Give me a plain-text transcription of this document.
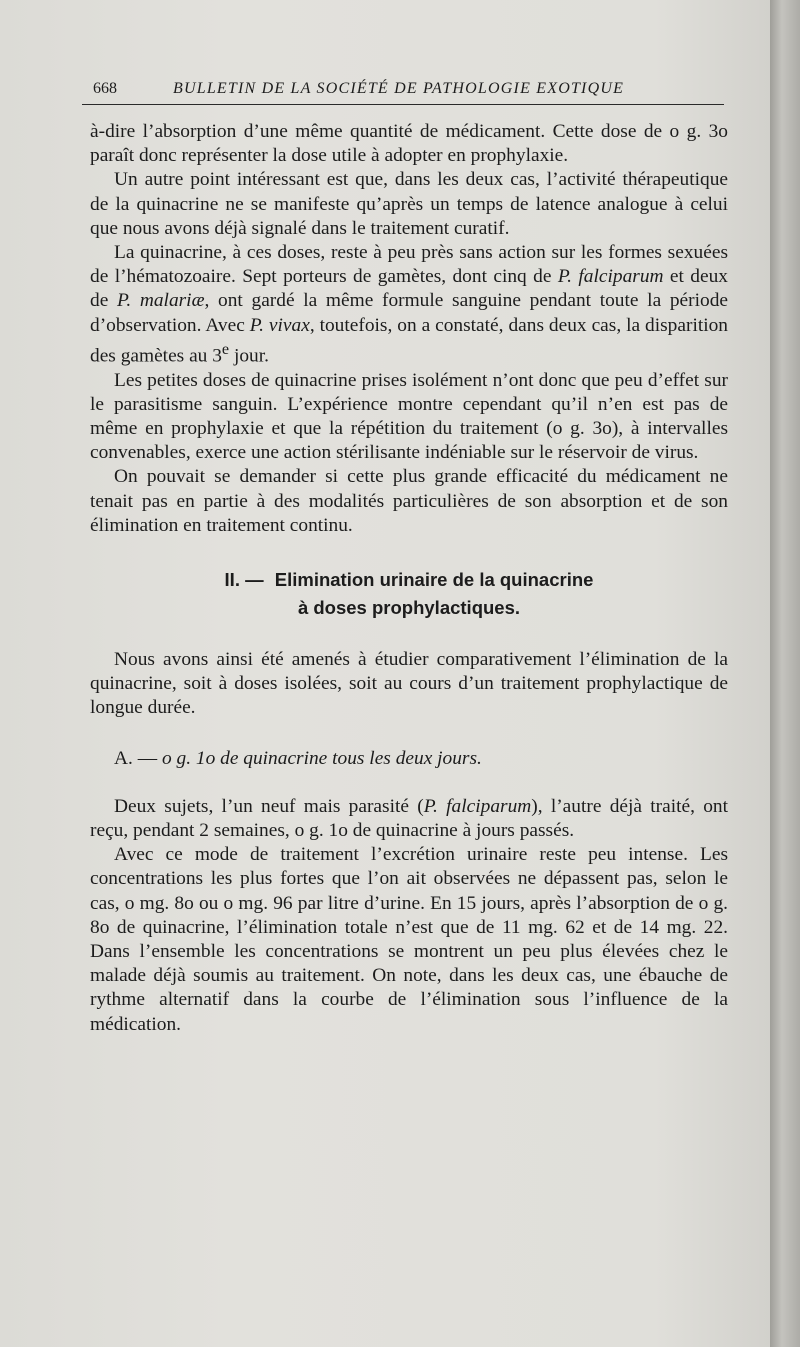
668	BULLETIN DE LA SOCIÉTÉ DE PATHOLOGIE EXOTIQUE

à-dire l’absorption d’une même quantité de médicament. Cette dose de o g. 3o paraît donc représenter la dose utile à adopter en prophylaxie.

Un autre point intéressant est que, dans les deux cas, l’activité thérapeutique de la quinacrine ne se manifeste qu’après un temps de latence analogue à celui que nous avons déjà signalé dans le traitement curatif.

La quinacrine, à ces doses, reste à peu près sans action sur les formes sexuées de l’hématozoaire. Sept porteurs de gamètes, dont cinq de P. falciparum et deux de P. malariæ, ont gardé la même formule sanguine pendant toute la période d’observation. Avec P. vivax, toutefois, on a constaté, dans deux cas, la disparition des gamètes au 3e jour.

Les petites doses de quinacrine prises isolément n’ont donc que peu d’effet sur le parasitisme sanguin. L’expérience montre cependant qu’il n’en est pas de même en prophylaxie et que la répétition du traitement (o g. 3o), à intervalles convenables, exerce une action stérilisante indéniable sur le réservoir de virus.

On pouvait se demander si cette plus grande efficacité du médicament ne tenait pas en partie à des modalités particulières de son absorption et de son élimination en traitement continu.

II. — Elimination urinaire de la quinacrine
à doses prophylactiques.

Nous avons ainsi été amenés à étudier comparativement l’élimination de la quinacrine, soit à doses isolées, soit au cours d’un traitement prophylactique de longue durée.

A. — o g. 1o de quinacrine tous les deux jours.

Deux sujets, l’un neuf mais parasité (P. falciparum), l’autre déjà traité, ont reçu, pendant 2 semaines, o g. 1o de quinacrine à jours passés.

Avec ce mode de traitement l’excrétion urinaire reste peu intense. Les concentrations les plus fortes que l’on ait observées ne dépassent pas, selon le cas, o mg. 8o ou o mg. 96 par litre d’urine. En 15 jours, après l’absorption de o g. 8o de quinacrine, l’élimination totale n’est que de 11 mg. 62 et de 14 mg. 22. Dans l’ensemble les concentrations se montrent un peu plus élevées chez le malade déjà soumis au traitement. On note, dans les deux cas, une ébauche de rythme alternatif dans la courbe de l’élimination sous l’influence de la médication.
